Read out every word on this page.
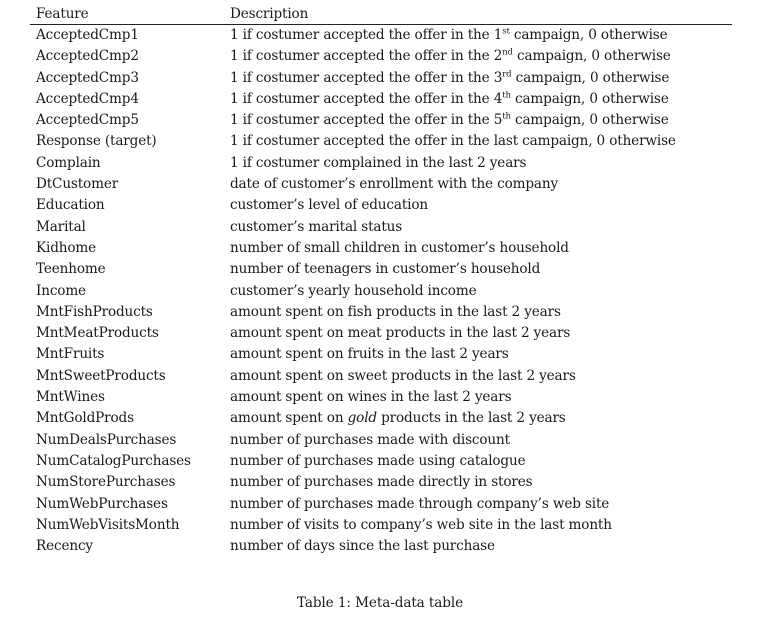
Feature	Description
AcceptedCmp1	1 if costumer accepted the offer in the 1st campaign, 0 otherwise
AcceptedCmp2	1 if costumer accepted the offer in the 2nd campaign, 0 otherwise
AcceptedCmp3	1 if costumer accepted the offer in the 3rd campaign, 0 otherwise
AcceptedCmp4	1 if costumer accepted the offer in the 4th campaign, 0 otherwise
AcceptedCmp5	1 if costumer accepted the offer in the 5th campaign, 0 otherwise
Response (target)	1 if costumer accepted the offer in the last campaign, 0 otherwise
Complain	1 if costumer complained in the last 2 years
DtCustomer	date of customer’s enrollment with the company
Education	customer’s level of education
Marital	customer’s marital status
Kidhome	number of small children in customer’s household
Teenhome	number of teenagers in customer’s household
Income	customer’s yearly household income
MntFishProducts	amount spent on fish products in the last 2 years
MntMeatProducts	amount spent on meat products in the last 2 years
MntFruits	amount spent on fruits in the last 2 years
MntSweetProducts	amount spent on sweet products in the last 2 years
MntWines	amount spent on wines in the last 2 years
MntGoldProds	amount spent on gold products in the last 2 years
NumDealsPurchases	number of purchases made with discount
NumCatalogPurchases	number of purchases made using catalogue
NumStorePurchases	number of purchases made directly in stores
NumWebPurchases	number of purchases made through company’s web site
NumWebVisitsMonth	number of visits to company’s web site in the last month
Recency	number of days since the last purchase
Table 1: Meta-data table
